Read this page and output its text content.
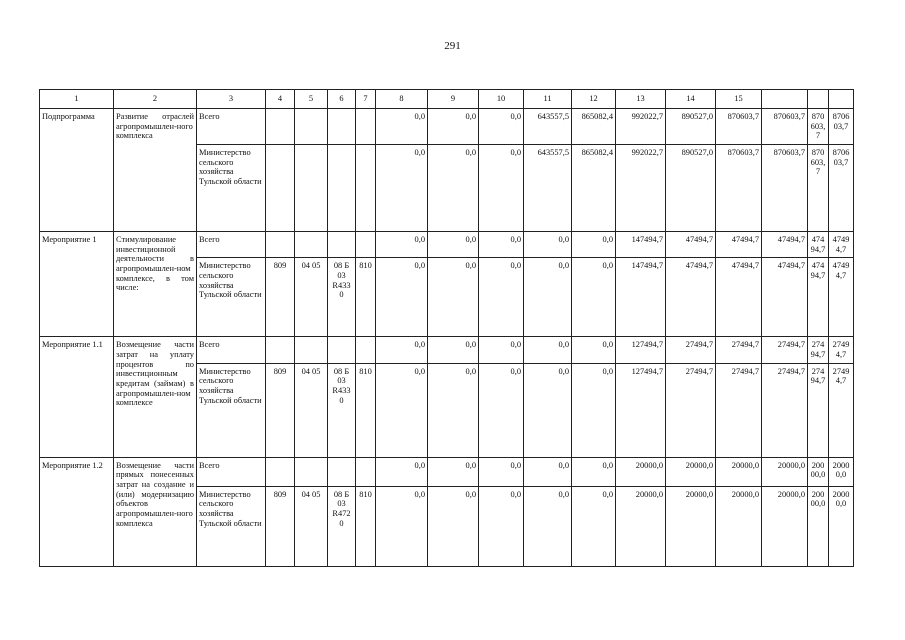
291
1	2	3	4	5	6	7	8	9	10	11	12	13	14	15			
Подпрограмма	Развитие отраслей агропромышлен-ного комплекса	Всего					0,0	0,0	0,0	643557,5	865082,4	992022,7	890527,0	870603,7	870603,7	870603,7	870603,7
		Министерство сельского хозяйства Тульской области					0,0	0,0	0,0	643557,5	865082,4	992022,7	890527,0	870603,7	870603,7	870603,7	870603,7
Мероприятие 1	Стимулирование инвестиционной деятельности в агропромышлен-ном комплексе, в том числе:	Всего					0,0	0,0	0,0	0,0	0,0	147494,7	47494,7	47494,7	47494,7	47494,7	47494,7
		Министерство сельского хозяйства Тульской области	809	04 05	08 Б 03 R433 0	810	0,0	0,0	0,0	0,0	0,0	147494,7	47494,7	47494,7	47494,7	47494,7	47494,7
Мероприятие 1.1	Возмещение части затрат на уплату процентов по инвестиционным кредитам (займам) в агропромышлен-ном комплексе	Всего					0,0	0,0	0,0	0,0	0,0	127494,7	27494,7	27494,7	27494,7	27494,7	27494,7
		Министерство сельского хозяйства Тульской области	809	04 05	08 Б 03 R433 0	810	0,0	0,0	0,0	0,0	0,0	127494,7	27494,7	27494,7	27494,7	27494,7	27494,7
Мероприятие 1.2	Возмещение части прямых понесенных затрат на создание и (или) модернизацию объектов агропромышлен-ного комплекса	Всего					0,0	0,0	0,0	0,0	0,0	20000,0	20000,0	20000,0	20000,0	20000,0	20000,0
		Министерство сельского хозяйства Тульской области	809	04 05	08 Б 03 R472 0	810	0,0	0,0	0,0	0,0	0,0	20000,0	20000,0	20000,0	20000,0	20000,0	20000,0
